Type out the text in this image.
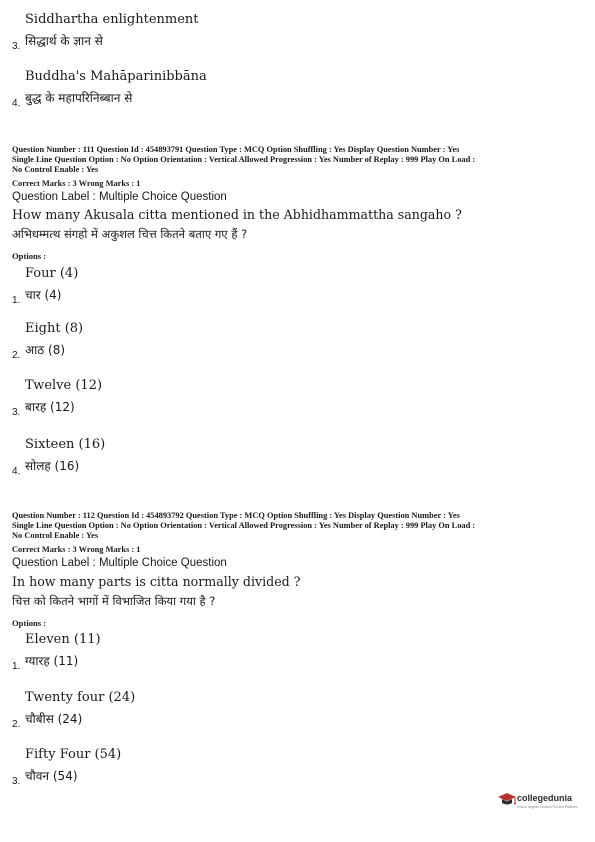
Siddhartha enlightenment
3. सिद्धार्थ के ज्ञान से
Buddha's Mahāparinibbāna
4. बुद्ध के महापरिनिब्बान से
Question Number : 111 Question Id : 454893791 Question Type : MCQ Option Shuffling : Yes Display Question Number : Yes
Single Line Question Option : No Option Orientation : Vertical Allowed Progression : Yes Number of Replay : 999 Play On Load :
No Control Enable : Yes
Correct Marks : 3 Wrong Marks : 1
Question Label : Multiple Choice Question
How many Akusala citta mentioned in the Abhidhammattha sangaho ?
अभिधम्मत्थ संगहो में अकुशल चित्त कितने बताए गए हैं ?
Options :
Four (4)
1. चार (4)
Eight (8)
2. आठ (8)
Twelve (12)
3. बारह (12)
Sixteen (16)
4. सोलह (16)
Question Number : 112 Question Id : 454893792 Question Type : MCQ Option Shuffling : Yes Display Question Number : Yes
Single Line Question Option : No Option Orientation : Vertical Allowed Progression : Yes Number of Replay : 999 Play On Load :
No Control Enable : Yes
Correct Marks : 3 Wrong Marks : 1
Question Label : Multiple Choice Question
In how many parts is citta normally divided ?
चित्त को कितने भागों में विभाजित किया गया है ?
Options :
Eleven (11)
1. ग्यारह (11)
Twenty four (24)
2. चौबीस (24)
Fifty Four (54)
3. चौवन (54)
collegedunia
India's largest Student Review Platform
